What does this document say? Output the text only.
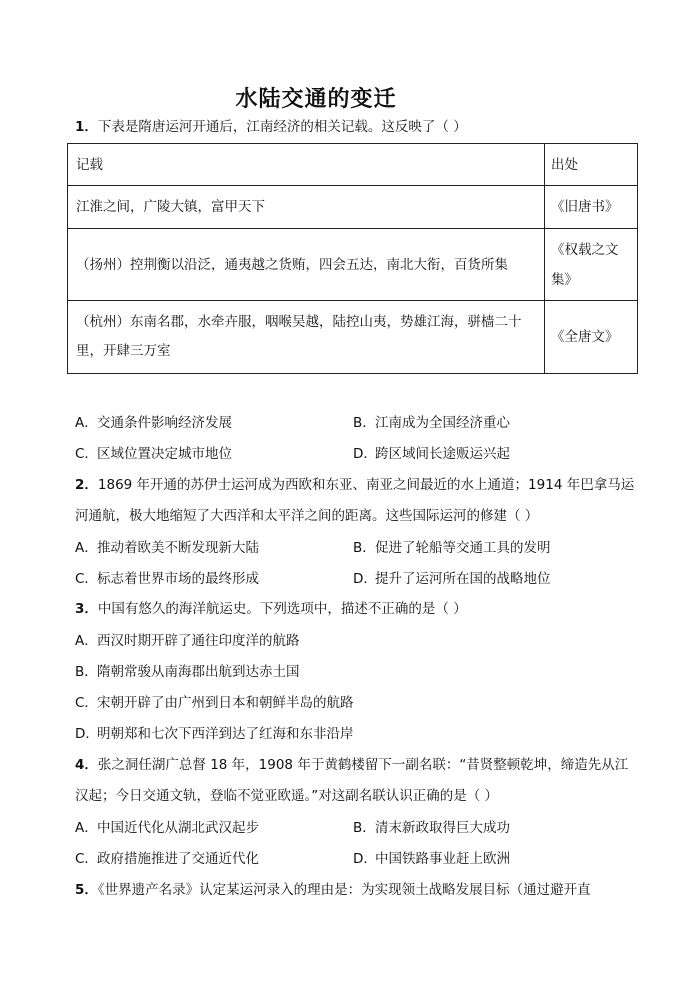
水陆交通的变迁
1．下表是隋唐运河开通后，江南经济的相关记载。这反映了（ ）
记载	出处
江淮之间，广陵大镇，富甲天下	《旧唐书》
（扬州）控荆衡以沿泛，通夷越之货贿，四会五达，南北大衔，百货所集	《权载之文集》
（杭州）东南名郡，水牵卉服，咽喉吴越，陆控山夷，势雄江海，骈樯二十里，开肆三万室	《全唐文》
A．交通条件影响经济发展	B．江南成为全国经济重心
C．区域位置决定城市地位	D．跨区域间长途贩运兴起
2．1869 年开通的苏伊士运河成为西欧和东亚、南亚之间最近的水上通道；1914 年巴拿马运河通航，极大地缩短了大西洋和太平洋之间的距离。这些国际运河的修建（ ）
A．推动着欧美不断发现新大陆	B．促进了轮船等交通工具的发明
C．标志着世界市场的最终形成	D．提升了运河所在国的战略地位
3．中国有悠久的海洋航运史。下列选项中，描述不正确的是（ ）
A．西汉时期开辟了通往印度洋的航路
B．隋朝常骏从南海郡出航到达赤土国
C．宋朝开辟了由广州到日本和朝鲜半岛的航路
D．明朝郑和七次下西洋到达了红海和东非沿岸
4．张之洞任湖广总督 18 年，1908 年于黄鹤楼留下一副名联：“昔贤整顿乾坤，缔造先从江汉起；今日交通文轨，登临不觉亚欧遥。”对这副名联认识正确的是（ ）
A．中国近代化从湖北武汉起步	B．清末新政取得巨大成功
C．政府措施推进了交通近代化	D．中国铁路事业赶上欧洲
5．《世界遗产名录》认定某运河录入的理由是：为实现领土战略发展目标（通过避开直
